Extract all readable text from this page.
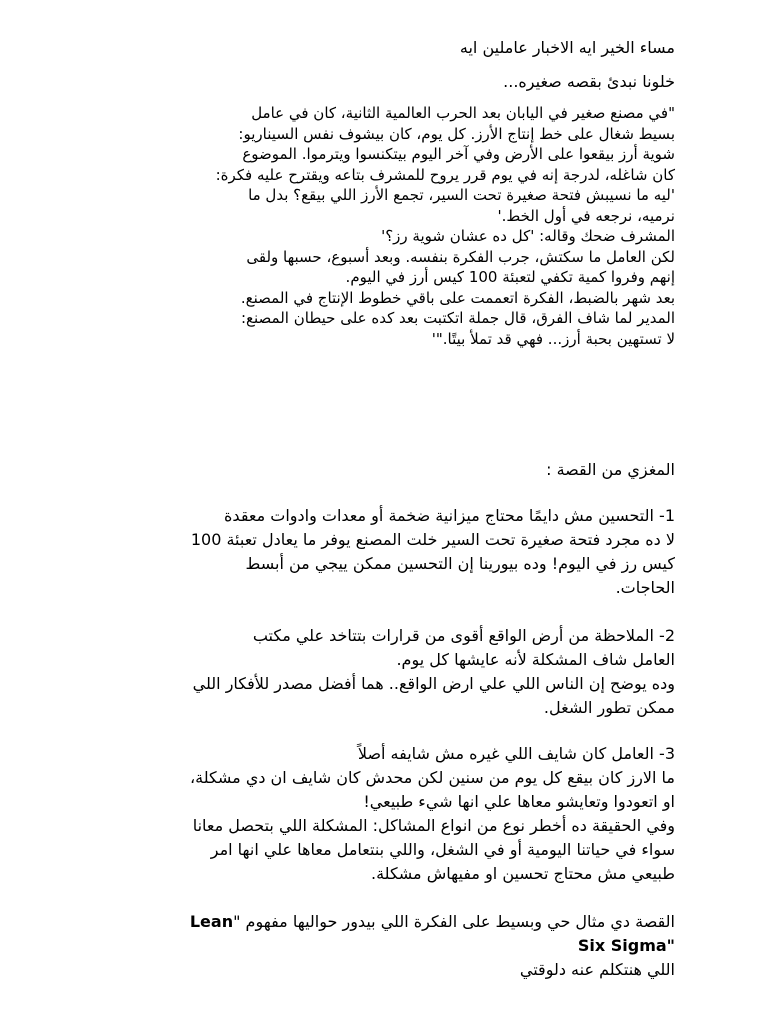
مساء الخير ايه الاخبار عاملين ايه

خلونا نبدئ بقصه صغيره...

"في مصنع صغير في اليابان بعد الحرب العالمية الثانية، كان في عامل
بسيط شغال على خط إنتاج الأرز. كل يوم، كان بيشوف نفس السيناريو:
شوية أرز بيقعوا على الأرض وفي آخر اليوم بيتكنسوا ويترموا. الموضوع
كان شاغله، لدرجة إنه في يوم قرر يروح للمشرف بتاعه ويقترح عليه فكرة:
'ليه ما نسيبش فتحة صغيرة تحت السير، تجمع الأرز اللي بيقع؟ بدل ما
نرميه، نرجعه في أول الخط.'
المشرف ضحك وقاله: 'كل ده عشان شوية رز؟'
لكن العامل ما سكتش، جرب الفكرة بنفسه. وبعد أسبوع، حسبها ولقى
إنهم وفروا كمية تكفي لتعبئة 100 كيس أرز في اليوم.
بعد شهر بالضبط، الفكرة اتعممت على باقي خطوط الإنتاج في المصنع.
المدير لما شاف الفرق، قال جملة اتكتبت بعد كده على حيطان المصنع:
لا تستهين بحبة أرز... فهي قد تملأ بيتًا."'

المغزي من القصة :

1- التحسين مش دايمًا محتاج ميزانية ضخمة أو معدات وادوات معقدة
لا ده مجرد فتحة صغيرة تحت السير خلت المصنع يوفر ما يعادل تعبئة 100
كيس رز في اليوم! وده بيورينا إن التحسين ممكن ييجي من أبسط
الحاجات.
2- الملاحظة من أرض الواقع أقوى من قرارات بتتاخد علي مكتب
العامل شاف المشكلة لأنه عايشها كل يوم.
وده يوضح إن الناس اللي علي ارض الواقع.. هما أفضل مصدر للأفكار اللي
ممكن تطور الشغل.
3- العامل كان شايف اللي غيره مش شايفه أصلاً
ما الارز كان بيقع كل يوم من سنين لكن محدش كان شايف ان دي مشكلة،
او اتعودوا وتعايشو معاها علي انها شيء طبيعي!
وفي الحقيقة ده أخطر نوع من انواع المشاكل: المشكلة اللي بتحصل معانا
سواء في حياتنا اليومية أو في الشغل، واللي بنتعامل معاها علي انها امر
طبيعي مش محتاج تحسين او مفيهاش مشكلة.
القصة دي مثال حي وبسيط على الفكرة اللي بيدور حواليها مفهوم "Lean
"Six Sigma
اللي هنتكلم عنه دلوقتي
